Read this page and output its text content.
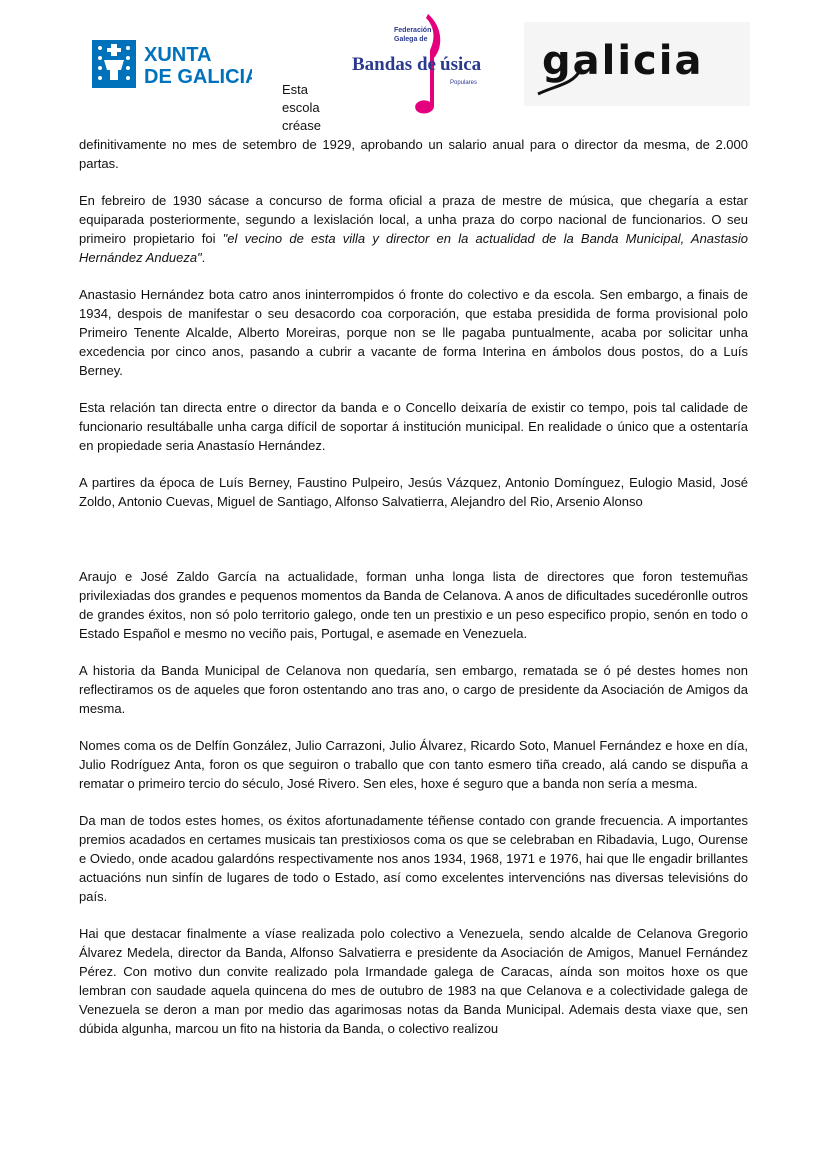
XUNTA
DE GALICIA
Federación
Galega de
Bandas de úsica
Populares galicia
Esta
escola
créase

definitivamente no mes de setembro de 1929, aprobando un salario anual para o director da mesma, de 2.000 partas.

En febreiro de 1930 sácase a concurso de forma oficial a praza de mestre de música, que chegaría a estar equiparada posteriormente, segundo a lexislación local, a unha praza do corpo nacional de funcionarios. O seu primeiro propietario foi "el vecino de esta villa y director en la actualidad de la Banda Municipal, Anastasio Hernández Andueza".

Anastasio Hernández bota catro anos ininterrompidos ó fronte do colectivo e da escola. Sen embargo, a finais de 1934, despois de manifestar o seu desacordo coa corporación, que estaba presidida de forma provisional polo Primeiro Tenente Alcalde, Alberto Moreiras, porque non se lle pagaba puntualmente, acaba por solicitar unha excedencia por cinco anos, pasando a cubrir a vacante de forma Interina en ámbolos dous postos, do a Luís Berney.

Esta relación tan directa entre o director da banda e o Concello deixaría de existir co tempo, pois tal calidade de funcionario resultáballe unha carga difícil de soportar á institución municipal. En realidade o único que a ostentaría en propiedade seria Anastasío Hernández.

A partires da época de Luís Berney, Faustino Pulpeiro, Jesús Vázquez, Antonio Domínguez, Eulogio Masid, José Zoldo, Antonio Cuevas, Miguel de Santiago, Alfonso Salvatierra, Alejandro del Rio, Arsenio Alonso

Araujo e José Zaldo García na actualidade, forman unha longa lista de directores que foron testemuñas privilexiadas dos grandes e pequenos momentos da Banda de Celanova. A anos de dificultades sucedéronlle outros de grandes éxitos, non só polo territorio galego, onde ten un prestixio e un peso especifico propio, senón en todo o Estado Español e mesmo no veciño pais, Portugal, e asemade en Venezuela.

A historia da Banda Municipal de Celanova non quedaría, sen embargo, rematada se ó pé destes homes non reflectiramos os de aqueles que foron ostentando ano tras ano, o cargo de presidente da Asociación de Amigos da mesma.

Nomes coma os de Delfín González, Julio Carrazoni, Julio Álvarez, Ricardo Soto, Manuel Fernández e hoxe en día, Julio Rodríguez Anta, foron os que seguiron o traballo que con tanto esmero tiña creado, alá cando se dispuña a rematar o primeiro tercio do século, José Rivero. Sen eles, hoxe é seguro que a banda non sería a mesma.

Da man de todos estes homes, os éxitos afortunadamente téñense contado con grande frecuencia. A importantes premios acadados en certames musicais tan prestixiosos coma os que se celebraban en Ribadavia, Lugo, Ourense e Oviedo, onde acadou galardóns respectivamente nos anos 1934, 1968, 1971 e 1976, hai que lle engadir brillantes actuacións nun sinfín de lugares de todo o Estado, así como excelentes intervencións nas diversas televisións do país.

Hai que destacar finalmente a víase realizada polo colectivo a Venezuela, sendo alcalde de Celanova Gregorio Álvarez Medela, director da Banda, Alfonso Salvatierra e presidente da Asociación de Amigos, Manuel Fernández Pérez. Con motivo dun convite realizado pola Irmandade galega de Caracas, aínda son moitos hoxe os que lembran con saudade aquela quincena do mes de outubro de 1983 na que Celanova e a colectividade galega de Venezuela se deron a man por medio das agarimosas notas da Banda Municipal. Ademais desta viaxe que, sen dúbida algunha, marcou un fito na historia da Banda, o colectivo realizou
